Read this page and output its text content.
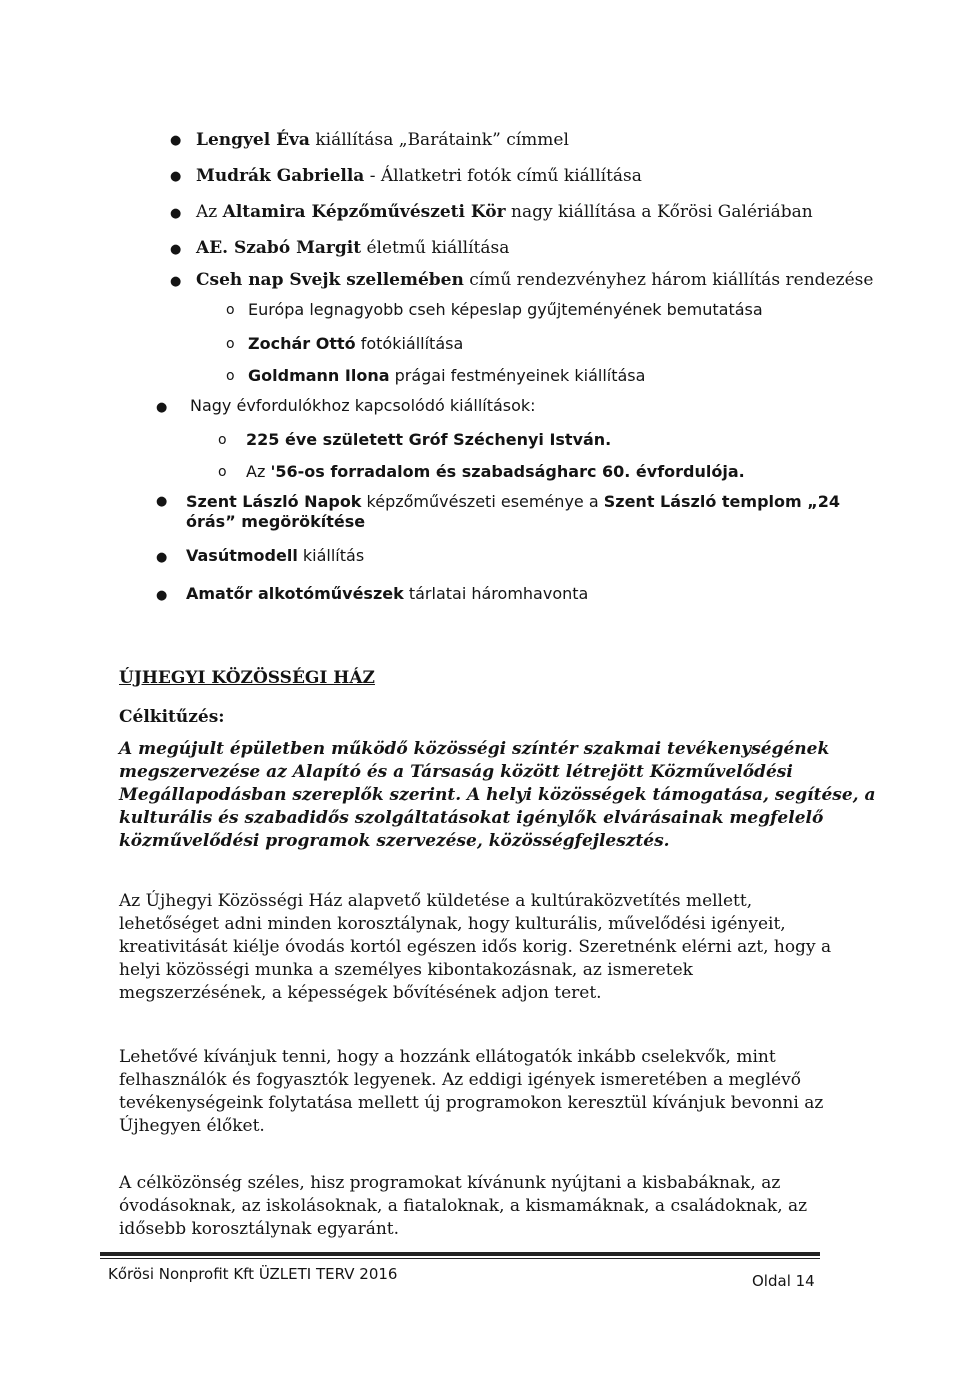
● Lengyel Éva kiállítása „Barátaink” címmel
● Mudrák Gabriella - Állatketri fotók című kiállítása
● Az Altamira Képzőművészeti Kör nagy kiállítása a Kőrösi Galériában
● AE. Szabó Margit életmű kiállítása
● Cseh nap Svejk szellemében című rendezvényhez három kiállítás rendezése
o Európa legnagyobb cseh képeslap gyűjteményének bemutatása
o Zochár Ottó fotókiállítása
o Goldmann Ilona prágai festményeinek kiállítása
● Nagy évfordulókhoz kapcsolódó kiállítások:
o 225 éve született Gróf Széchenyi István.
o Az '56-os forradalom és szabadságharc 60. évfordulója.
● Szent László Napok képzőművészeti eseménye a Szent László templom „24
órás” megörökítése
● Vasútmodell kiállítás
● Amatőr alkotóművészek tárlatai háromhavonta
ÚJHEGYI KÖZÖSSÉGI HÁZ
Célkitűzés:
A megújult épületben működő közösségi színtér szakmai tevékenységének
megszervezése az Alapító és a Társaság között létrejött Közművelődési
Megállapodásban szereplők szerint. A helyi közösségek támogatása, segítése, a
kulturális és szabadidős szolgáltatásokat igénylők elvárásainak megfelelő
közművelődési programok szervezése, közösségfejlesztés.
Az Újhegyi Közösségi Ház alapvető küldetése a kultúraközvetítés mellett,
lehetőséget adni minden korosztálynak, hogy kulturális, művelődési igényeit,
kreativitását kiélje óvodás kortól egészen idős korig. Szeretnénk elérni azt, hogy a
helyi közösségi munka a személyes kibontakozásnak, az ismeretek
megszerzésének, a képességek bővítésének adjon teret.
Lehetővé kívánjuk tenni, hogy a hozzánk ellátogatók inkább cselekvők, mint
felhasználók és fogyasztók legyenek. Az eddigi igények ismeretében a meglévő
tevékenységeink folytatása mellett új programokon keresztül kívánjuk bevonni az
Újhegyen élőket.
A célközönség széles, hisz programokat kívánunk nyújtani a kisbabáknak, az
óvodásoknak, az iskolásoknak, a fiataloknak, a kismamáknak, a családoknak, az
idősebb korosztálynak egyaránt.
Kőrösi Nonprofit Kft ÜZLETI TERV 2016	Oldal 14
